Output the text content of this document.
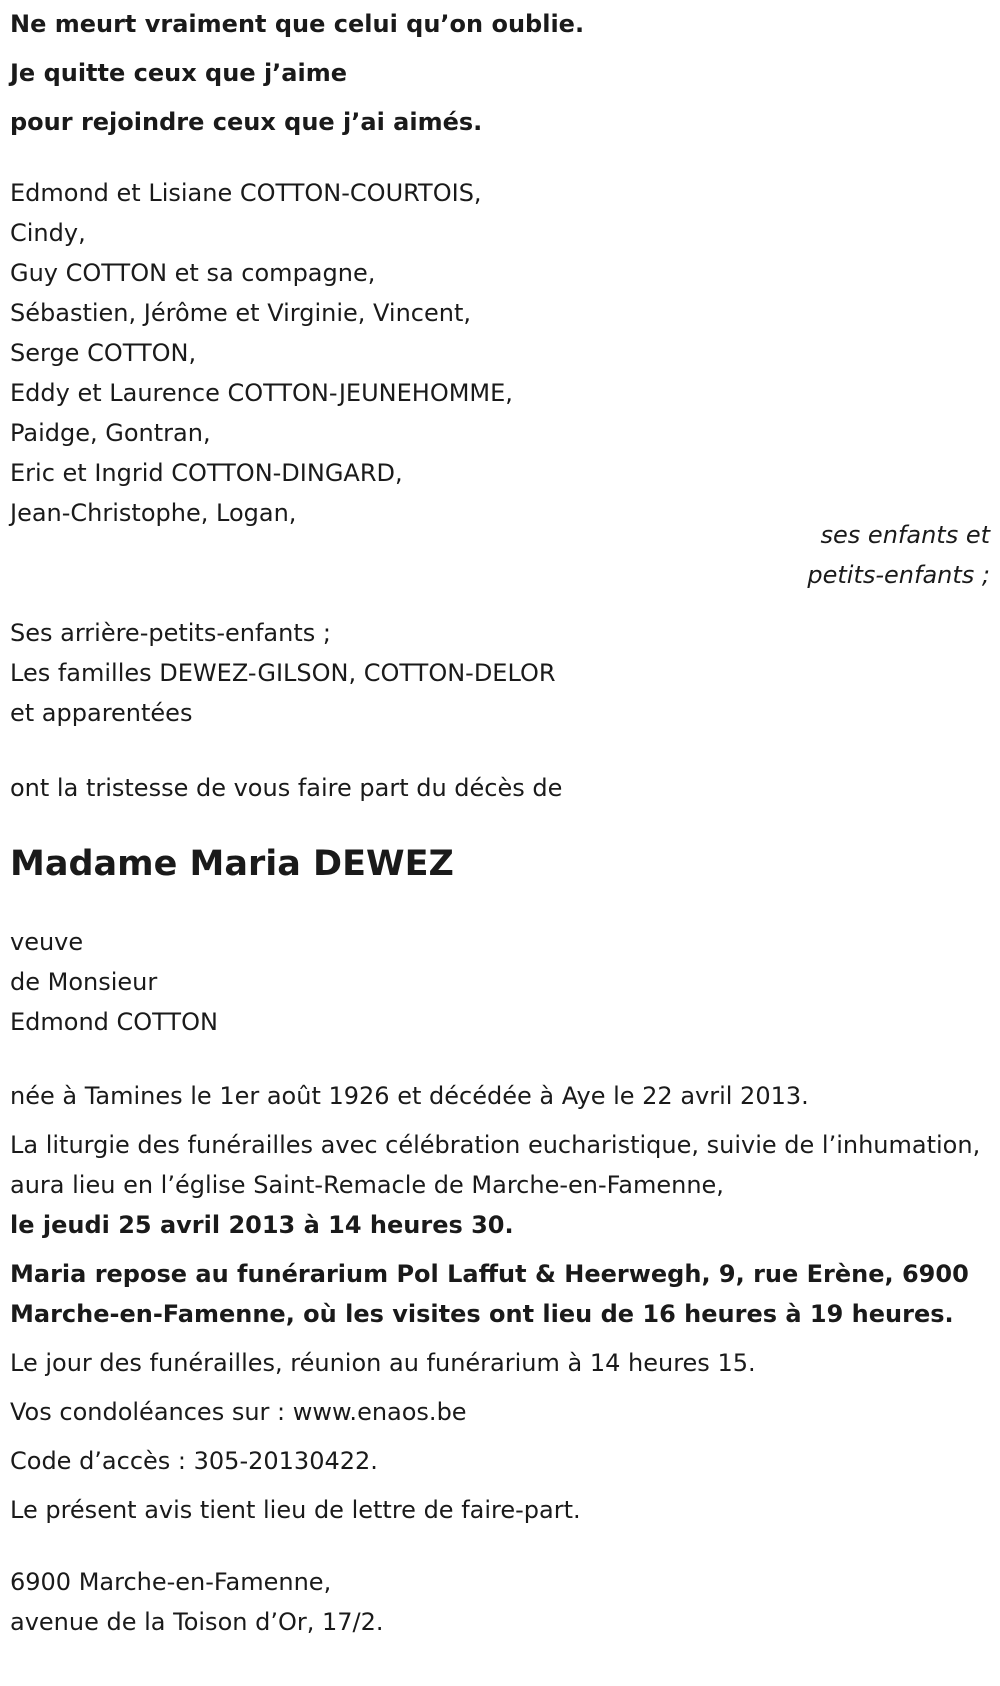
Ne meurt vraiment que celui qu’on oublie.
Je quitte ceux que j’aime
pour rejoindre ceux que j’ai aimés.
Edmond et Lisiane COTTON-COURTOIS,
Cindy,
Guy COTTON et sa compagne,
Sébastien, Jérôme et Virginie, Vincent,
Serge COTTON,
Eddy et Laurence COTTON-JEUNEHOMME,
Paidge, Gontran,
Eric et Ingrid COTTON-DINGARD,
Jean-Christophe, Logan,
ses enfants et
petits-enfants ;
Ses arrière-petits-enfants ;
Les familles DEWEZ-GILSON, COTTON-DELOR
et apparentées
ont la tristesse de vous faire part du décès de
Madame Maria DEWEZ
veuve
de Monsieur
Edmond COTTON
née à Tamines le 1er août 1926 et décédée à Aye le 22 avril 2013.
La liturgie des funérailles avec célébration eucharistique, suivie de l’inhumation, aura lieu en l’église Saint-Remacle de Marche-en-Famenne,
le jeudi 25 avril 2013 à 14 heures 30.
Maria repose au funérarium Pol Laffut & Heerwegh, 9, rue Erène, 6900 Marche-en-Famenne, où les visites ont lieu de 16 heures à 19 heures.
Le jour des funérailles, réunion au funérarium à 14 heures 15.
Vos condoléances sur : www.enaos.be
Code d’accès : 305-20130422.
Le présent avis tient lieu de lettre de faire-part.
6900 Marche-en-Famenne,
avenue de la Toison d’Or, 17/2.
